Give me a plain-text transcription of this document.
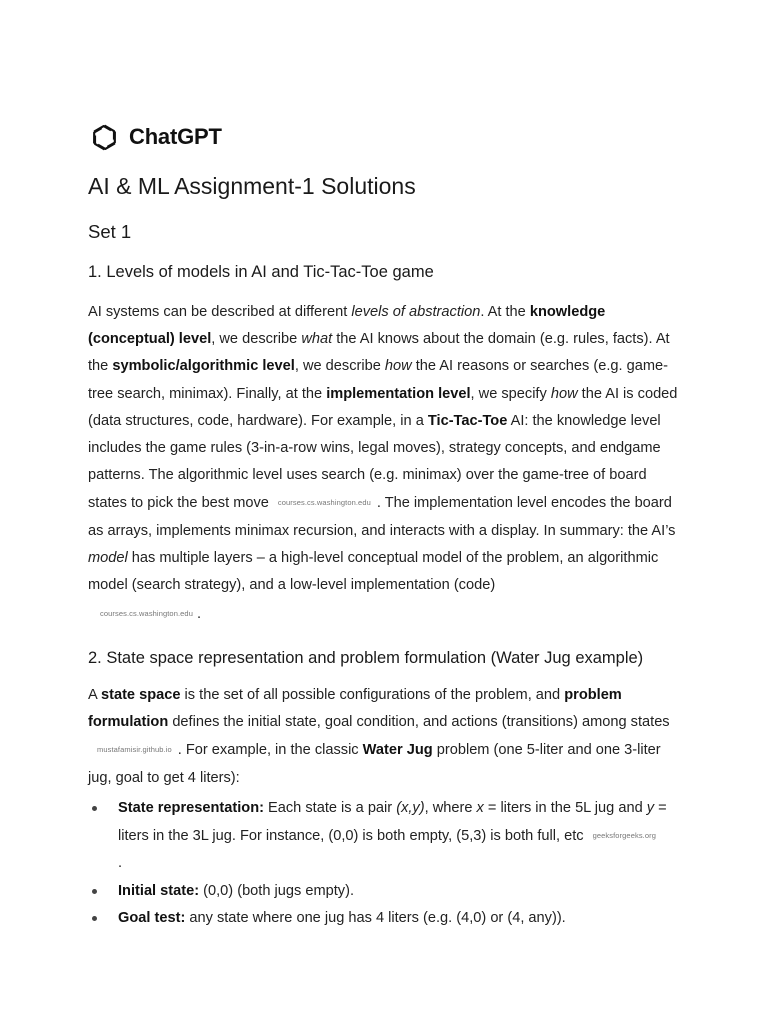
ChatGPT
AI & ML Assignment-1 Solutions
Set 1
1. Levels of models in AI and Tic-Tac-Toe game
AI systems can be described at different levels of abstraction. At the knowledge (conceptual) level, we describe what the AI knows about the domain (e.g. rules, facts). At the symbolic/algorithmic level, we describe how the AI reasons or searches (e.g. game-tree search, minimax). Finally, at the implementation level, we specify how the AI is coded (data structures, code, hardware). For example, in a Tic-Tac-Toe AI: the knowledge level includes the game rules (3-in-a-row wins, legal moves), strategy concepts, and endgame patterns. The algorithmic level uses search (e.g. minimax) over the game-tree of board states to pick the best move courses.cs.washington.edu . The implementation level encodes the board as arrays, implements minimax recursion, and interacts with a display. In summary: the AI’s model has multiple layers – a high-level conceptual model of the problem, an algorithmic model (search strategy), and a low-level implementation (code)
courses.cs.washington.edu .
2. State space representation and problem formulation (Water Jug example)
A state space is the set of all possible configurations of the problem, and problem formulation defines the initial state, goal condition, and actions (transitions) among statesmustafamisir.github.io . For example, in the classic Water Jug problem (one 5-liter and one 3-liter jug, goal to get 4 liters):
State representation: Each state is a pair (x,y), where x = liters in the 5L jug and y = liters in the 3L jug. For instance, (0,0) is both empty, (5,3) is both full, etc geeksforgeeks.org
.
Initial state: (0,0) (both jugs empty).
Goal test: any state where one jug has 4 liters (e.g. (4,0) or (4, any)).
